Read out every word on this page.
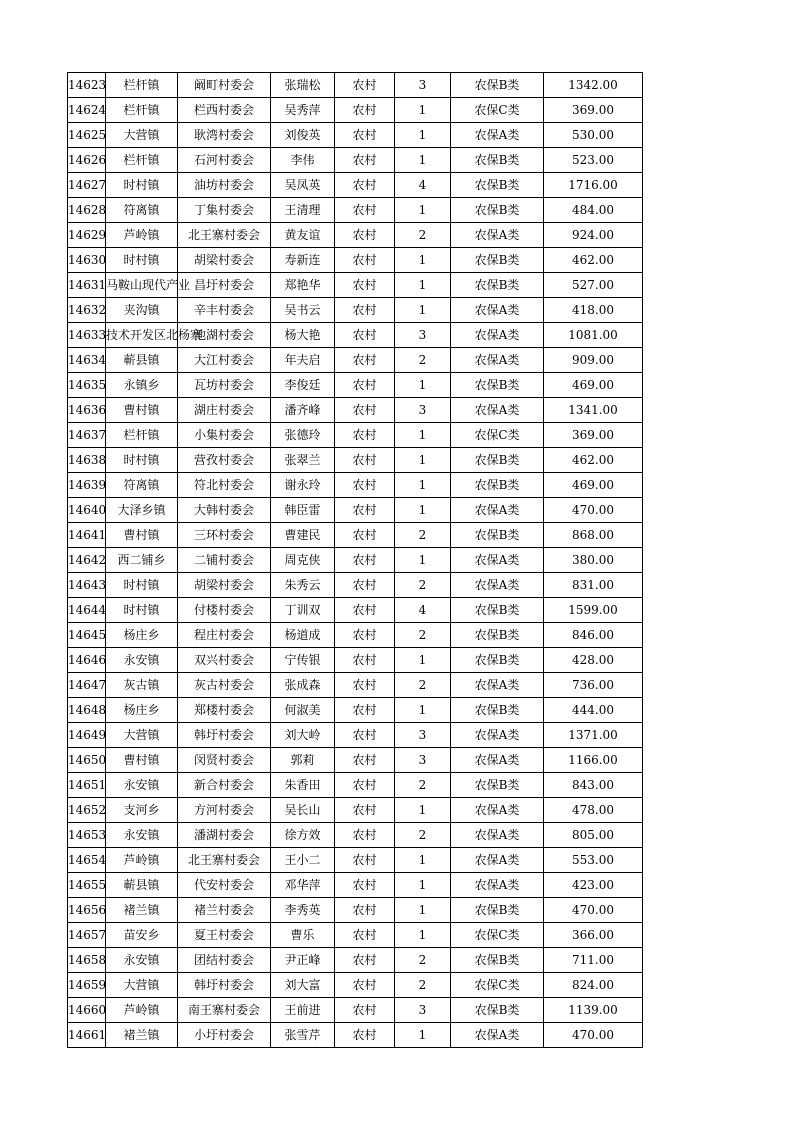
14623	栏杆镇	阚町村委会	张瑞松	农村	3	农保B类	1342.00
14624	栏杆镇	栏西村委会	吴秀萍	农村	1	农保C类	369.00
14625	大营镇	耿湾村委会	刘俊英	农村	1	农保A类	530.00
14626	栏杆镇	石河村委会	李伟	农村	1	农保B类	523.00
14627	时村镇	油坊村委会	吴凤英	农村	4	农保B类	1716.00
14628	符离镇	丁集村委会	王清理	农村	1	农保B类	484.00
14629	芦岭镇	北王寨村委会	黄友谊	农村	2	农保A类	924.00
14630	时村镇	胡梁村委会	寿新连	农村	1	农保B类	462.00
14631	马鞍山现代产业	昌圩村委会	郑艳华	农村	1	农保B类	527.00
14632	夹沟镇	辛丰村委会	吴书云	农村	1	农保A类	418.00
14633	技术开发区北杨寨	池湖村委会	杨大艳	农村	3	农保A类	1081.00
14634	蕲县镇	大江村委会	年夫启	农村	2	农保A类	909.00
14635	永镇乡	瓦坊村委会	李俊廷	农村	1	农保B类	469.00
14636	曹村镇	湖庄村委会	潘齐峰	农村	3	农保A类	1341.00
14637	栏杆镇	小集村委会	张德玲	农村	1	农保C类	369.00
14638	时村镇	营孜村委会	张翠兰	农村	1	农保B类	462.00
14639	符离镇	符北村委会	谢永玲	农村	1	农保B类	469.00
14640	大泽乡镇	大韩村委会	韩臣雷	农村	1	农保A类	470.00
14641	曹村镇	三环村委会	曹建民	农村	2	农保B类	868.00
14642	西二铺乡	二铺村委会	周克侠	农村	1	农保A类	380.00
14643	时村镇	胡梁村委会	朱秀云	农村	2	农保A类	831.00
14644	时村镇	付楼村委会	丁训双	农村	4	农保B类	1599.00
14645	杨庄乡	程庄村委会	杨道成	农村	2	农保B类	846.00
14646	永安镇	双兴村委会	宁传银	农村	1	农保B类	428.00
14647	灰古镇	灰古村委会	张成森	农村	2	农保A类	736.00
14648	杨庄乡	郑楼村委会	何淑美	农村	1	农保B类	444.00
14649	大营镇	韩圩村委会	刘大岭	农村	3	农保A类	1371.00
14650	曹村镇	闵贤村委会	郭莉	农村	3	农保A类	1166.00
14651	永安镇	新合村委会	朱香田	农村	2	农保B类	843.00
14652	支河乡	方河村委会	吴长山	农村	1	农保A类	478.00
14653	永安镇	潘湖村委会	徐方效	农村	2	农保A类	805.00
14654	芦岭镇	北王寨村委会	王小二	农村	1	农保A类	553.00
14655	蕲县镇	代安村委会	邓华萍	农村	1	农保A类	423.00
14656	褚兰镇	褚兰村委会	李秀英	农村	1	农保B类	470.00
14657	苗安乡	夏王村委会	曹乐	农村	1	农保C类	366.00
14658	永安镇	团结村委会	尹正峰	农村	2	农保B类	711.00
14659	大营镇	韩圩村委会	刘大富	农村	2	农保C类	824.00
14660	芦岭镇	南王寨村委会	王前进	农村	3	农保B类	1139.00
14661	褚兰镇	小圩村委会	张雪芹	农村	1	农保A类	470.00
